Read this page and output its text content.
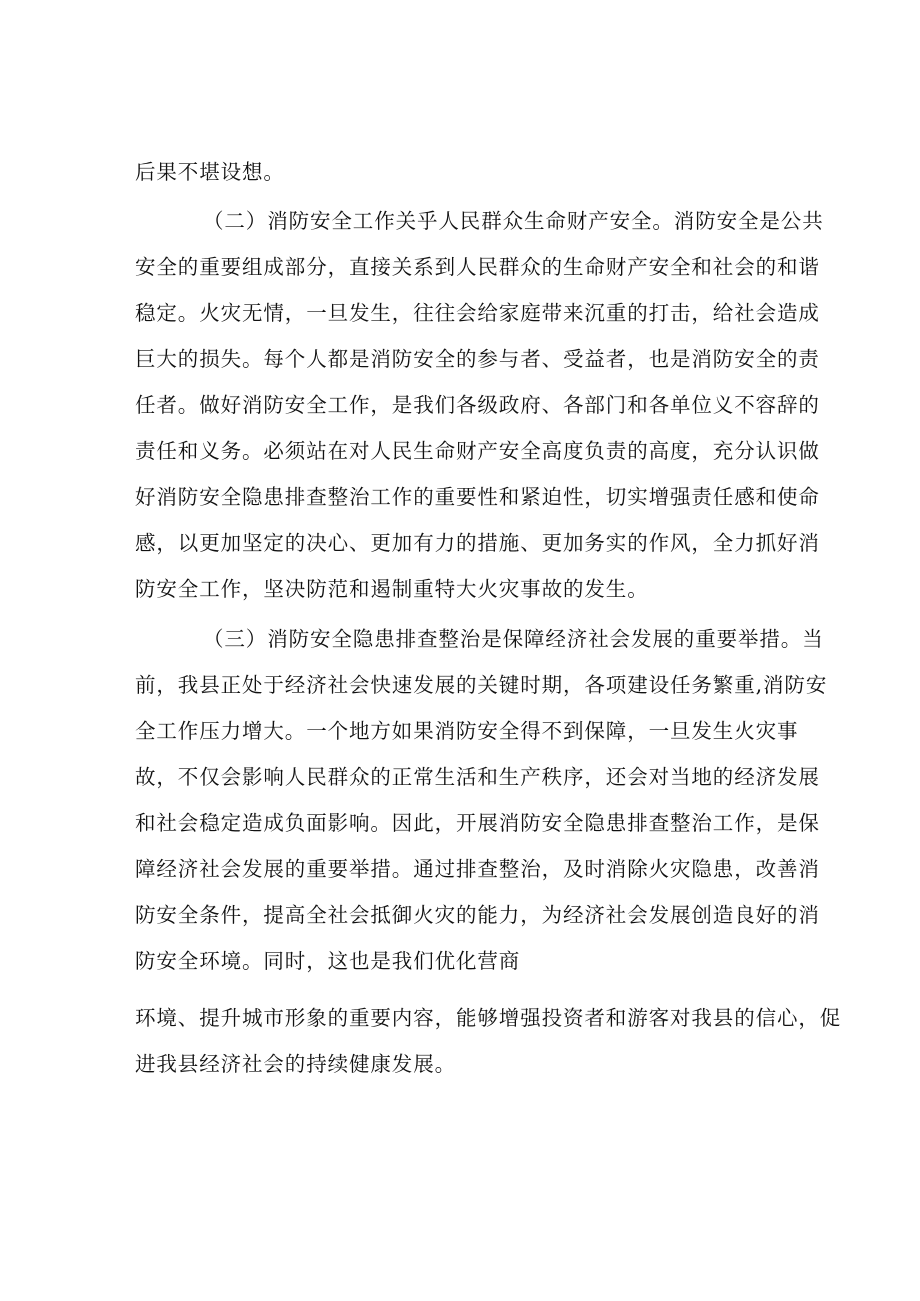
后果不堪设想。
（二）消防安全工作关乎人民群众生命财产安全。消防安全是公共
安全的重要组成部分，直接关系到人民群众的生命财产安全和社会的和谐
稳定。火灾无情，一旦发生，往往会给家庭带来沉重的打击，给社会造成
巨大的损失。每个人都是消防安全的参与者、受益者，也是消防安全的责
任者。做好消防安全工作，是我们各级政府、各部门和各单位义不容辞的
责任和义务。必须站在对人民生命财产安全高度负责的高度，充分认识做
好消防安全隐患排查整治工作的重要性和紧迫性，切实增强责任感和使命
感，以更加坚定的决心、更加有力的措施、更加务实的作风，全力抓好消
防安全工作，坚决防范和遏制重特大火灾事故的发生。
（三）消防安全隐患排查整治是保障经济社会发展的重要举措。当
前，我县正处于经济社会快速发展的关键时期，各项建设任务繁重,消防安
全工作压力增大。一个地方如果消防安全得不到保障，一旦发生火灾事
故，不仅会影响人民群众的正常生活和生产秩序，还会对当地的经济发展
和社会稳定造成负面影响。因此，开展消防安全隐患排查整治工作，是保
障经济社会发展的重要举措。通过排查整治，及时消除火灾隐患，改善消
防安全条件，提高全社会抵御火灾的能力，为经济社会发展创造良好的消
防安全环境。同时，这也是我们优化营商
环境、提升城市形象的重要内容，能够增强投资者和游客对我县的信心，促
进我县经济社会的持续健康发展。
